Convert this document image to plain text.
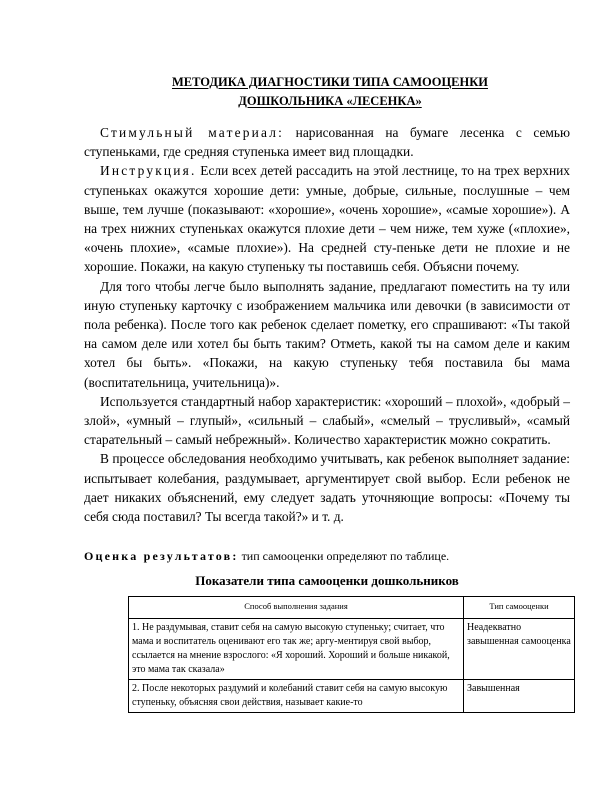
МЕТОДИКА ДИАГНОСТИКИ ТИПА САМООЦЕНКИ
ДОШКОЛЬНИКА «ЛЕСЕНКА»

Стимульный материал: нарисованная на бумаге лесенка с семью ступеньками, где средняя ступенька имеет вид площадки.

Инструкция. Если всех детей рассадить на этой лестнице, то на трех верхних ступеньках окажутся хорошие дети: умные, добрые, сильные, послушные – чем выше, тем лучше (показывают: «хорошие», «очень хорошие», «самые хорошие»). А на трех нижних ступеньках окажутся плохие дети – чем ниже, тем хуже («плохие», «очень плохие», «самые плохие»). На средней сту-пеньке дети не плохие и не хорошие. Покажи, на какую ступеньку ты поставишь себя. Объясни почему.

Для того чтобы легче было выполнять задание, предлагают поместить на ту или иную ступеньку карточку с изображением мальчика или девочки (в зависимости от пола ребенка). После того как ребенок сделает пометку, его спрашивают: «Ты такой на самом деле или хотел бы быть таким? Отметь, какой ты на самом деле и каким хотел бы быть». «Покажи, на какую ступеньку тебя поставила бы мама (воспитательница, учительница)».

Используется стандартный набор характеристик: «хороший – плохой», «добрый – злой», «умный – глупый», «сильный – слабый», «смелый – трусливый», «самый старательный – самый небрежный». Количество характеристик можно сократить.

В процессе обследования необходимо учитывать, как ребенок выполняет задание: испытывает колебания, раздумывает, аргументирует свой выбор. Если ребенок не дает никаких объяснений, ему следует задать уточняющие вопросы: «Почему ты себя сюда поставил? Ты всегда такой?» и т. д.

Оценка результатов: тип самооценки определяют по таблице.
Показатели типа самооценки дошкольников
Способ выполнения задания	Тип самооценки
1. Не раздумывая, ставит себя на самую высокую ступеньку; считает, что мама и воспитатель оценивают его так же; аргу-ментируя свой выбор, ссылается на мнение взрослого: «Я хороший. Хороший и больше никакой, это мама так сказала»	Неадекватно завышенная самооценка
2. После некоторых раздумий и колебаний ставит себя на самую высокую ступеньку, объясняя свои действия, называет какие-то	Завышенная
